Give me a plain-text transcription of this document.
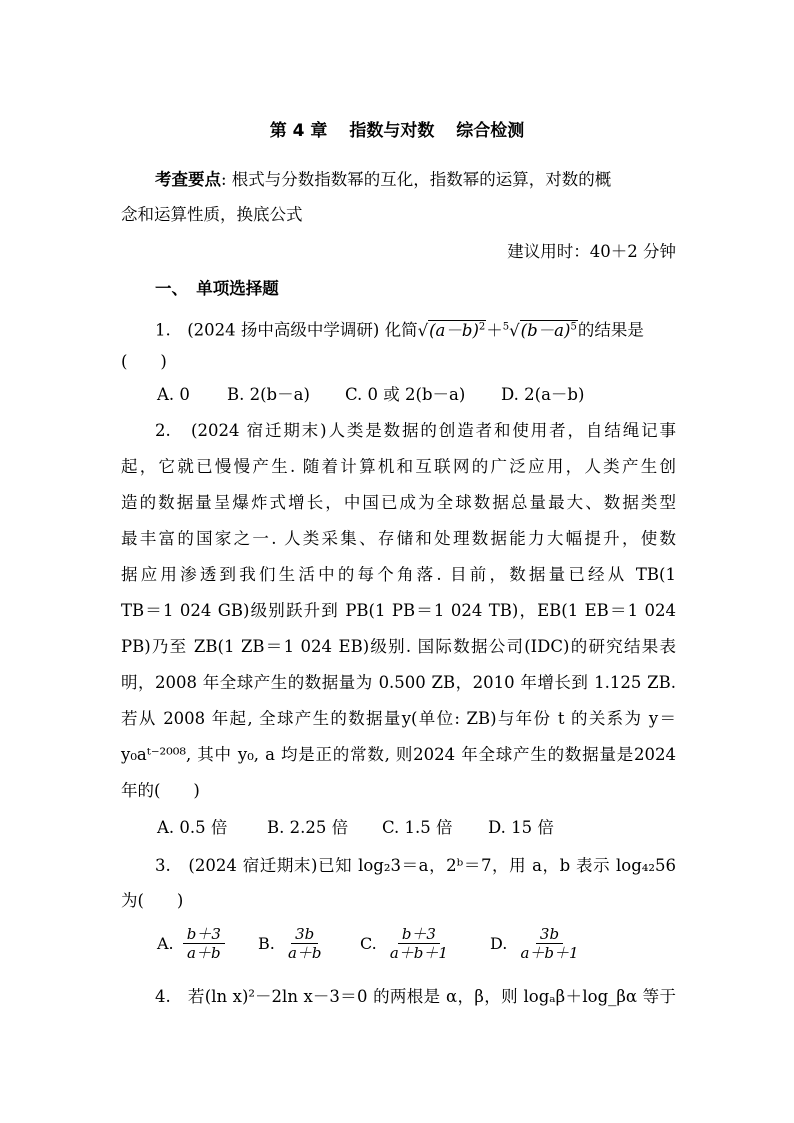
第 4 章 指数与对数 综合检测
考查要点: 根式与分数指数幂的互化，指数幂的运算，对数的概
念和运算性质，换底公式
建议用时：40＋2 分钟
一、　单项选择题
1.　(2024 扬中高级中学调研) 化简$√(a-b)^2+^5√(b-a)^5$的结果是
(　　)
A. 0 B. 2(b－a) C. 0 或 2(b－a) D. 2(a－b)
2.　(2024 宿迁期末)人类是数据的创造者和使用者，自结绳记事
起，它就已慢慢产生. 随着计算机和互联网的广泛应用，人类产生创
造的数据量呈爆炸式增长，中国已成为全球数据总量最大、数据类型
最丰富的国家之一. 人类采集、存储和处理数据能力大幅提升，使数
据应用渗透到我们生活中的每个角落. 目前，数据量已经从 TB(1
TB＝1 024 GB)级别跃升到 PB(1 PB＝1 024 TB)，EB(1 EB＝1 024
PB)乃至 ZB(1 ZB＝1 024 EB)级别. 国际数据公司(IDC)的研究结果表
明，2008 年全球产生的数据量为 0.500 ZB，2010 年增长到 1.125 ZB.
若从 2008 年起, 全球产生的数据量y(单位: ZB)与年份 t 的关系为 y＝
y₀aᵗ⁻²⁰⁰⁸, 其中 y₀, a 均是正的常数, 则2024 年全球产生的数据量是2024
年的(　　)
A. 0.5 倍 B. 2.25 倍 C. 1.5 倍 D. 15 倍
3.　(2024 宿迁期末)已知 log₂3＝a，2ᵇ＝7，用 a，b 表示 log₄₂56
为(　　)
A. $\frac{b+3}{a+b} B$. $\frac{3b}{a+b} C$. $\frac{b+3}{a+b+1} D$. $\frac{3b}{a+b+1}$
4.　若(ln x)²－2ln x－3＝0 的两根是 α，β，则 logₐβ＋log_βα 等于
